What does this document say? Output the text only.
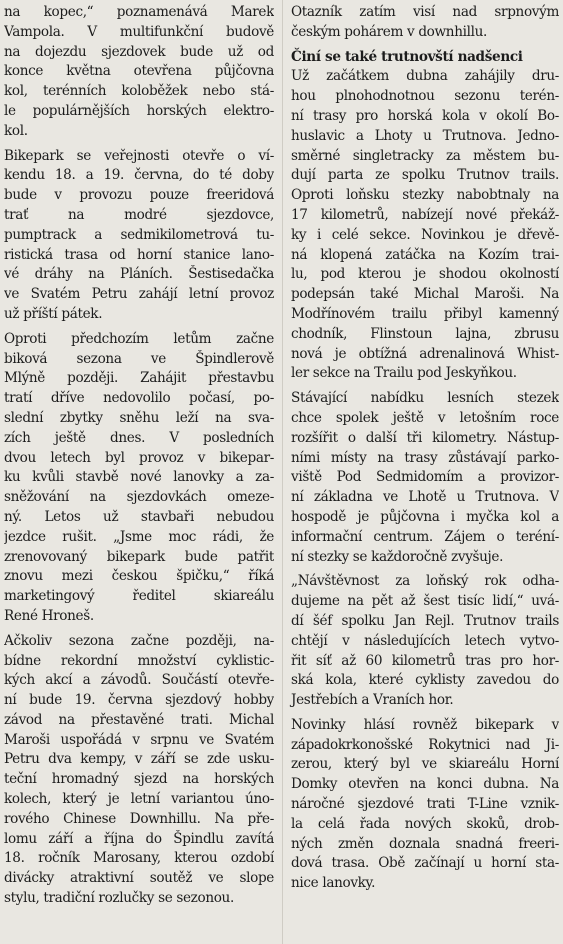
na kopec,“ poznamenává Marek
Vampola. V multifunkční budově
na dojezdu sjezdovek bude už od
konce května otevřena půjčovna
kol, terénních koloběžek nebo stá-
le populárnějších horských elektro-
kol.
Bikepark se veřejnosti otevře o ví-
kendu 18. a 19. června, do té doby
bude v provozu pouze freeridová
trať na modré sjezdovce,
pumptrack a sedmikilometrová tu-
ristická trasa od horní stanice lano-
vé dráhy na Pláních. Šestisedačka
ve Svatém Petru zahájí letní provoz
už příští pátek.
Oproti předchozím letům začne
biková sezona ve Špindlerově
Mlýně později. Zahájit přestavbu
tratí dříve nedovolilo počasí, po-
slední zbytky sněhu leží na sva-
zích ještě dnes. V posledních
dvou letech byl provoz v bikepar-
ku kvůli stavbě nové lanovky a za-
sněžování na sjezdovkách omeze-
ný. Letos už stavbaři nebudou
jezdce rušit. „Jsme moc rádi, že
zrenovovaný bikepark bude patřit
znovu mezi českou špičku,“ říká
marketingový ředitel skiareálu
René Hroneš.
Ačkoliv sezona začne později, na-
bídne rekordní množství cyklistic-
kých akcí a závodů. Součástí otevře-
ní bude 19. června sjezdový hobby
závod na přestavěné trati. Michal
Maroši uspořádá v srpnu ve Svatém
Petru dva kempy, v září se zde usku-
teční hromadný sjezd na horských
kolech, který je letní variantou úno-
rového Chinese Downhillu. Na pře-
lomu září a října do Špindlu zavítá
18. ročník Marosany, kterou ozdobí
divácky atraktivní soutěž ve slope
stylu, tradiční rozlučky se sezonou.
Otazník zatím visí nad srpnovým
českým pohárem v downhillu.
Činí se také trutnovští nadšenci
Už začátkem dubna zahájily dru-
hou plnohodnotnou sezonu terén-
ní trasy pro horská kola v okolí Bo-
huslavic a Lhoty u Trutnova. Jedno-
směrné singletracky za městem bu-
dují parta ze spolku Trutnov trails.
Oproti loňsku stezky nabobtnaly na
17 kilometrů, nabízejí nové překáž-
ky i celé sekce. Novinkou je dřevě-
ná klopená zatáčka na Kozím trai-
lu, pod kterou je shodou okolností
podepsán také Michal Maroši. Na
Modřínovém trailu přibyl kamenný
chodník, Flinstoun lajna, zbrusu
nová je obtížná adrenalinová Whist-
ler sekce na Trailu pod Jeskyňkou.
Stávající nabídku lesních stezek
chce spolek ještě v letošním roce
rozšířit o další tři kilometry. Nástup-
ními místy na trasy zůstávají parko-
viště Pod Sedmidomím a provizor-
ní základna ve Lhotě u Trutnova. V
hospodě je půjčovna i myčka kol a
informační centrum. Zájem o teréní-
ní stezky se každoročně zvyšuje.
„Návštěvnost za loňský rok odha-
dujeme na pět až šest tisíc lidí,“ uvá-
dí šéf spolku Jan Rejl. Trutnov trails
chtějí v následujících letech vytvo-
řit síť až 60 kilometrů tras pro hor-
ská kola, které cyklisty zavedou do
Jestřebích a Vraních hor.
Novinky hlásí rovněž bikepark v
západokrkonošské Rokytnici nad Ji-
zerou, který byl ve skiareálu Horní
Domky otevřen na konci dubna. Na
náročné sjezdové trati T-Line vznik-
la celá řada nových skoků, drob-
ných změn doznala snadná freeri-
dová trasa. Obě začínají u horní sta-
nice lanovky.
